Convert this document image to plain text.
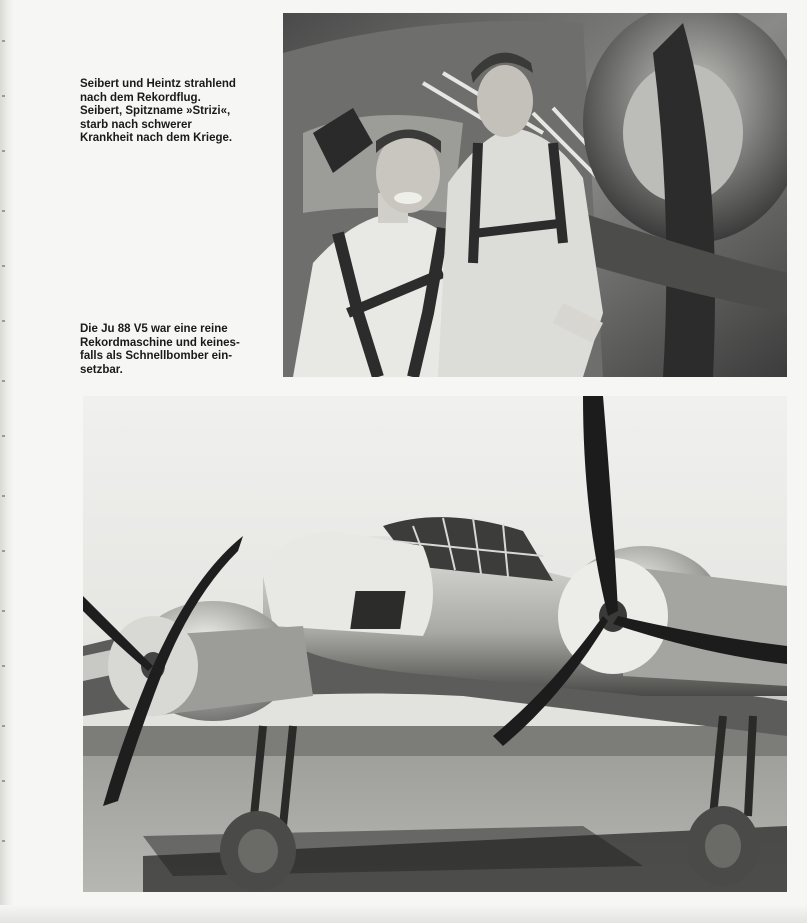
Seibert und Heintz strahlend
nach dem Rekordflug.
Seibert, Spitzname »Strizi«,
starb nach schwerer
Krankheit nach dem Kriege.
Die Ju 88 V5 war eine reine
Rekordmaschine und keines-
falls als Schnellbomber ein-
setzbar.
